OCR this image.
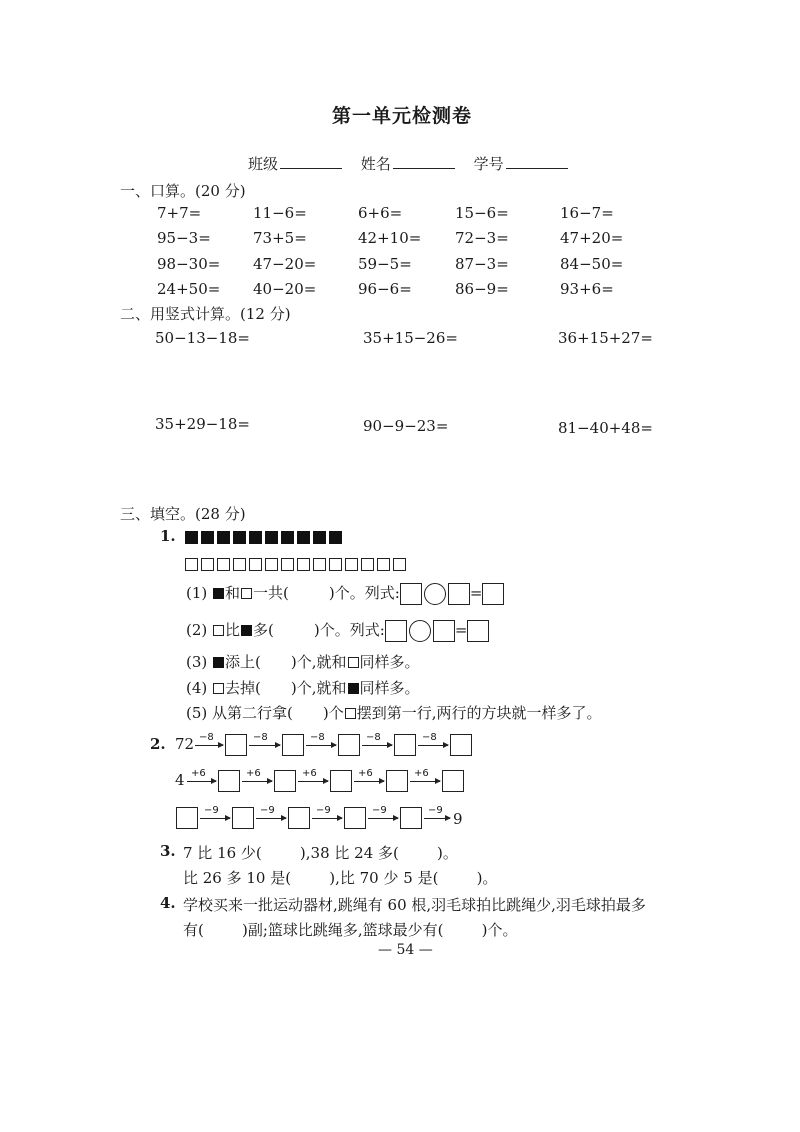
第一单元检测卷
班级	姓名	学号
一、口算。(20 分)
7+7=	11−6=	6+6=	15−6=	16−7=
95−3=	73+5=	42+10= 72−3=	47+20=
98−30= 47−20=	59−5=	87−3=	84−50=
24+50= 40−20=	96−6=	86−9=	93+6=
二、用竖式计算。(12 分)
50−13−18=	35+15−26=	36+15+27=
35+29−18=	90−9−23=	81−40+48=
三、填空。(28 分)
1.
(1) 和 一共(	)个。列式:	=
(2) 比 多(	)个。列式:	=
(3) 添上( )个,就和 同样多。
(4) 去掉( )个,就和 同样多。
(5) 从第二行拿( )个 摆到第一行,两行的方块就一样多了。
2. 72 −8	−8	−8	−8	−8
4 +6	+6	+6	+6	+6
−9	−9	−9	−9	−9 9
3. 7 比 16 少(        ),38 比 24 多(        )。
比 26 多 10 是(        ),比 70 少 5 是(        )。
4. 学校买来一批运动器材,跳绳有 60 根,羽毛球拍比跳绳少,羽毛球拍最多
有(        )副;篮球比跳绳多,篮球最少有(        )个。
— 54 —
